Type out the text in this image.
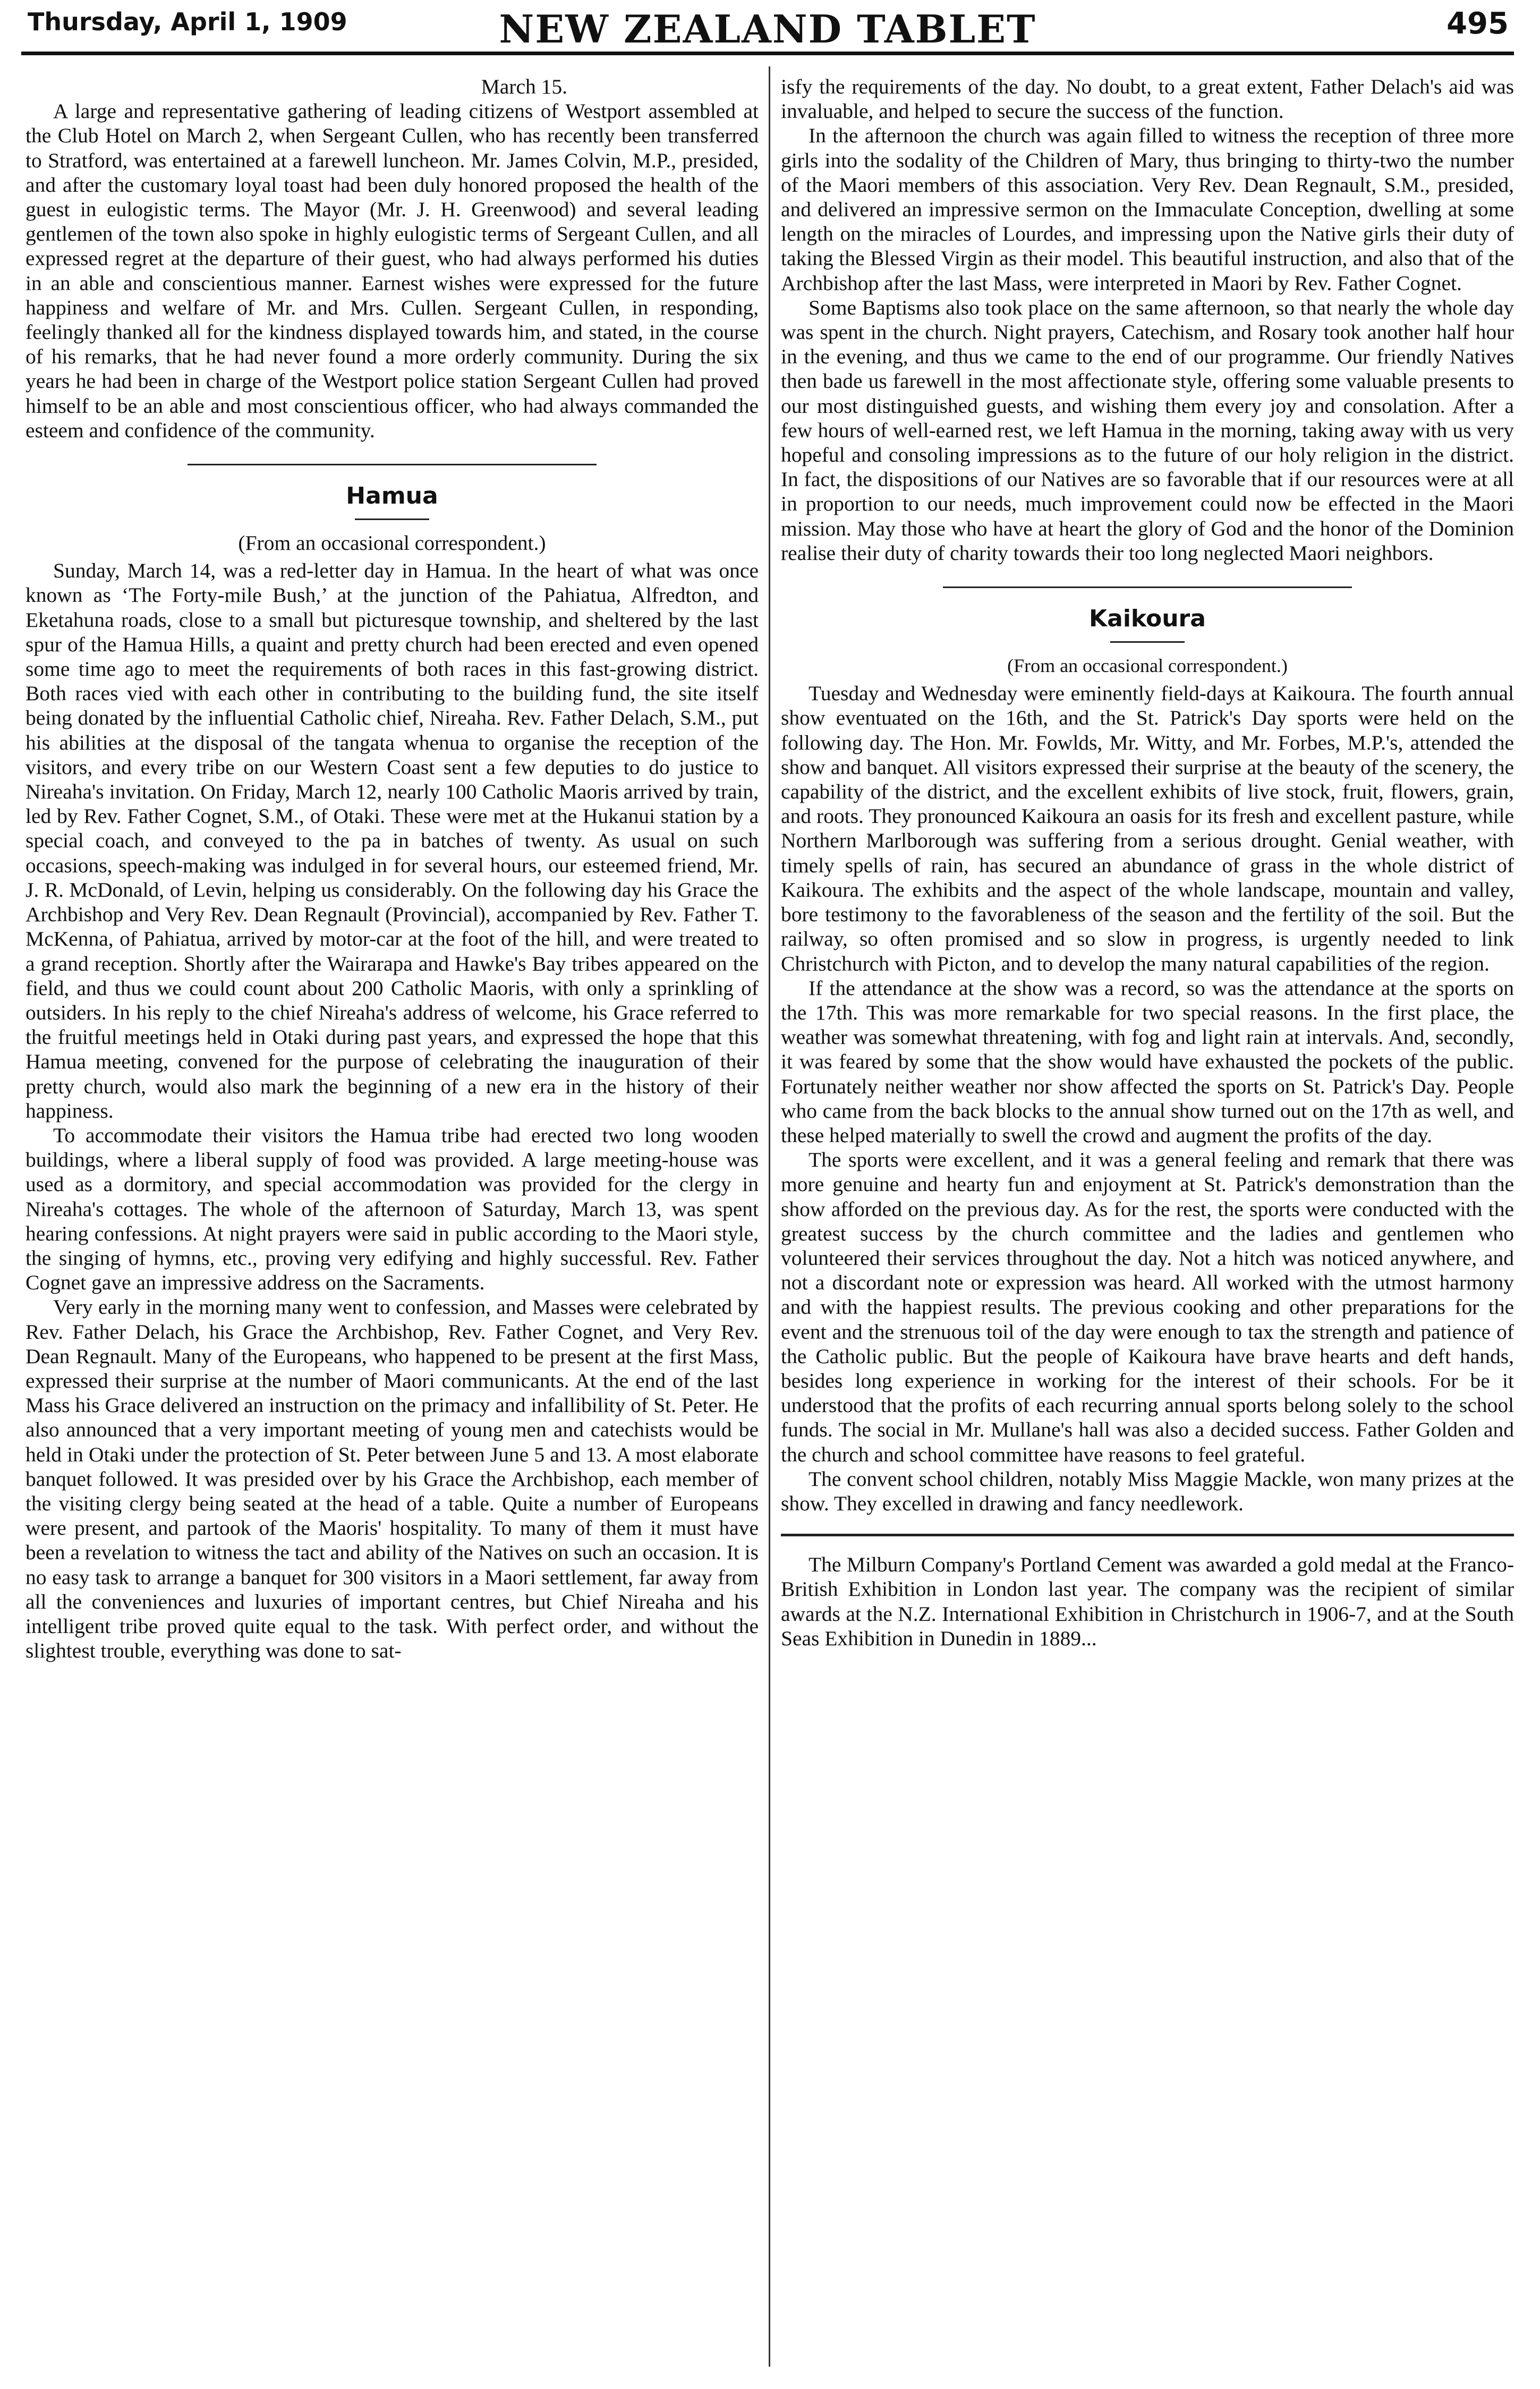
Thursday, April 1, 1909	NEW ZEALAND TABLET	495
March 15.

A large and representative gathering of leading citizens of Westport assembled at the Club Hotel on March 2, when Sergeant Cullen, who has recently been transferred to Stratford, was entertained at a farewell luncheon. Mr. James Colvin, M.P., presided, and after the customary loyal toast had been duly honored proposed the health of the guest in eulogistic terms. The Mayor (Mr. J. H. Greenwood) and several leading gentlemen of the town also spoke in highly eulogistic terms of Sergeant Cullen, and all expressed regret at the departure of their guest, who had always performed his duties in an able and conscientious manner. Earnest wishes were expressed for the future happiness and welfare of Mr. and Mrs. Cullen. Sergeant Cullen, in responding, feelingly thanked all for the kindness displayed towards him, and stated, in the course of his remarks, that he had never found a more orderly community. During the six years he had been in charge of the Westport police station Sergeant Cullen had proved himself to be an able and most conscientious officer, who had always commanded the esteem and confidence of the community.

Hamua
(From an occasional correspondent.)

Sunday, March 14, was a red-letter day in Hamua. In the heart of what was once known as ‘The Forty-mile Bush,’ at the junction of the Pahiatua, Alfredton, and Eketahuna roads, close to a small but picturesque township, and sheltered by the last spur of the Hamua Hills, a quaint and pretty church had been erected and even opened some time ago to meet the requirements of both races in this fast-growing district. Both races vied with each other in contributing to the building fund, the site itself being donated by the influential Catholic chief, Nireaha. Rev. Father Delach, S.M., put his abilities at the disposal of the tangata whenua to organise the reception of the visitors, and every tribe on our Western Coast sent a few deputies to do justice to Nireaha's invitation. On Friday, March 12, nearly 100 Catholic Maoris arrived by train, led by Rev. Father Cognet, S.M., of Otaki. These were met at the Hukanui station by a special coach, and conveyed to the pa in batches of twenty. As usual on such occasions, speech-making was indulged in for several hours, our esteemed friend, Mr. J. R. McDonald, of Levin, helping us considerably. On the following day his Grace the Archbishop and Very Rev. Dean Regnault (Provincial), accompanied by Rev. Father T. McKenna, of Pahiatua, arrived by motor-car at the foot of the hill, and were treated to a grand reception. Shortly after the Wairarapa and Hawke's Bay tribes appeared on the field, and thus we could count about 200 Catholic Maoris, with only a sprinkling of outsiders. In his reply to the chief Nireaha's address of welcome, his Grace referred to the fruitful meetings held in Otaki during past years, and expressed the hope that this Hamua meeting, convened for the purpose of celebrating the inauguration of their pretty church, would also mark the beginning of a new era in the history of their happiness.

To accommodate their visitors the Hamua tribe had erected two long wooden buildings, where a liberal supply of food was provided. A large meeting-house was used as a dormitory, and special accommodation was provided for the clergy in Nireaha's cottages. The whole of the afternoon of Saturday, March 13, was spent hearing confessions. At night prayers were said in public according to the Maori style, the singing of hymns, etc., proving very edifying and highly successful. Rev. Father Cognet gave an impressive address on the Sacraments.

Very early in the morning many went to confession, and Masses were celebrated by Rev. Father Delach, his Grace the Archbishop, Rev. Father Cognet, and Very Rev. Dean Regnault. Many of the Europeans, who happened to be present at the first Mass, expressed their surprise at the number of Maori communicants. At the end of the last Mass his Grace delivered an instruction on the primacy and infallibility of St. Peter. He also announced that a very important meeting of young men and catechists would be held in Otaki under the protection of St. Peter between June 5 and 13. A most elaborate banquet followed. It was presided over by his Grace the Archbishop, each member of the visiting clergy being seated at the head of a table. Quite a number of Europeans were present, and partook of the Maoris' hospitality. To many of them it must have been a revelation to witness the tact and ability of the Natives on such an occasion. It is no easy task to arrange a banquet for 300 visitors in a Maori settlement, far away from all the conveniences and luxuries of important centres, but Chief Nireaha and his intelligent tribe proved quite equal to the task. With perfect order, and without the slightest trouble, everything was done to sat-

isfy the requirements of the day. No doubt, to a great extent, Father Delach's aid was invaluable, and helped to secure the success of the function.

In the afternoon the church was again filled to witness the reception of three more girls into the sodality of the Children of Mary, thus bringing to thirty-two the number of the Maori members of this association. Very Rev. Dean Regnault, S.M., presided, and delivered an impressive sermon on the Immaculate Conception, dwelling at some length on the miracles of Lourdes, and impressing upon the Native girls their duty of taking the Blessed Virgin as their model. This beautiful instruction, and also that of the Archbishop after the last Mass, were interpreted in Maori by Rev. Father Cognet.

Some Baptisms also took place on the same afternoon, so that nearly the whole day was spent in the church. Night prayers, Catechism, and Rosary took another half hour in the evening, and thus we came to the end of our programme. Our friendly Natives then bade us farewell in the most affectionate style, offering some valuable presents to our most distinguished guests, and wishing them every joy and consolation. After a few hours of well-earned rest, we left Hamua in the morning, taking away with us very hopeful and consoling impressions as to the future of our holy religion in the district. In fact, the dispositions of our Natives are so favorable that if our resources were at all in proportion to our needs, much improvement could now be effected in the Maori mission. May those who have at heart the glory of God and the honor of the Dominion realise their duty of charity towards their too long neglected Maori neighbors.

Kaikoura
(From an occasional correspondent.)

Tuesday and Wednesday were eminently field-days at Kaikoura. The fourth annual show eventuated on the 16th, and the St. Patrick's Day sports were held on the following day. The Hon. Mr. Fowlds, Mr. Witty, and Mr. Forbes, M.P.'s, attended the show and banquet. All visitors expressed their surprise at the beauty of the scenery, the capability of the district, and the excellent exhibits of live stock, fruit, flowers, grain, and roots. They pronounced Kaikoura an oasis for its fresh and excellent pasture, while Northern Marlborough was suffering from a serious drought. Genial weather, with timely spells of rain, has secured an abundance of grass in the whole district of Kaikoura. The exhibits and the aspect of the whole landscape, mountain and valley, bore testimony to the favorableness of the season and the fertility of the soil. But the railway, so often promised and so slow in progress, is urgently needed to link Christchurch with Picton, and to develop the many natural capabilities of the region.

If the attendance at the show was a record, so was the attendance at the sports on the 17th. This was more remarkable for two special reasons. In the first place, the weather was somewhat threatening, with fog and light rain at intervals. And, secondly, it was feared by some that the show would have exhausted the pockets of the public. Fortunately neither weather nor show affected the sports on St. Patrick's Day. People who came from the back blocks to the annual show turned out on the 17th as well, and these helped materially to swell the crowd and augment the profits of the day.

The sports were excellent, and it was a general feeling and remark that there was more genuine and hearty fun and enjoyment at St. Patrick's demonstration than the show afforded on the previous day. As for the rest, the sports were conducted with the greatest success by the church committee and the ladies and gentlemen who volunteered their services throughout the day. Not a hitch was noticed anywhere, and not a discordant note or expression was heard. All worked with the utmost harmony and with the happiest results. The previous cooking and other preparations for the event and the strenuous toil of the day were enough to tax the strength and patience of the Catholic public. But the people of Kaikoura have brave hearts and deft hands, besides long experience in working for the interest of their schools. For be it understood that the profits of each recurring annual sports belong solely to the school funds. The social in Mr. Mullane's hall was also a decided success. Father Golden and the church and school committee have reasons to feel grateful.

The convent school children, notably Miss Maggie Mackle, won many prizes at the show. They excelled in drawing and fancy needlework.

The Milburn Company's Portland Cement was awarded a gold medal at the Franco-British Exhibition in London last year. The company was the recipient of similar awards at the N.Z. International Exhibition in Christchurch in 1906-7, and at the South Seas Exhibition in Dunedin in 1889...
